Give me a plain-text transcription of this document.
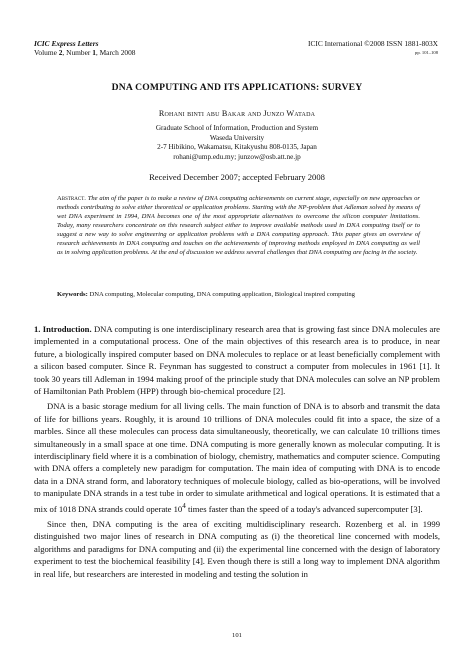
ICIC Express Letters
Volume 2, Number 1, March 2008
ICIC International ©2008 ISSN 1881-803X
pp. 101–108
DNA COMPUTING AND ITS APPLICATIONS: SURVEY
Rohani binti abu Bakar and Junzo Watada
Graduate School of Information, Production and System
Waseda University
2-7 Hibikino, Wakamatsu, Kitakyushu 808-0135, Japan
rohani@ump.edu.my; junzow@osb.att.ne.jp
Received December 2007; accepted February 2008
Abstract. The aim of the paper is to make a review of DNA computing achievements on current stage, especially on new approaches or methods contributing to solve either theoretical or application problems. Starting with the NP-problem that Adleman solved by means of wet DNA experiment in 1994, DNA becomes one of the most appropriate alternatives to overcome the silicon computer limitations. Today, many researchers concentrate on this research subject either to improve available methods used in DNA computing itself or to suggest a new way to solve engineering or application problems with a DNA computing approach. This paper gives an overview of research achievements in DNA computing and touches on the achievements of improving methods employed in DNA computing as well as in solving application problems. At the end of discussion we address several challenges that DNA computing are facing in the society.
Keywords: DNA computing, Molecular computing, DNA computing application, Biological inspired computing

1. Introduction. DNA computing is one interdisciplinary research area that is growing fast since DNA molecules are implemented in a computational process. One of the main objectives of this research area is to produce, in near future, a biologically inspired computer based on DNA molecules to replace or at least beneficially complement with a silicon based computer. Since R. Feynman has suggested to construct a computer from molecules in 1961 [1]. It took 30 years till Adleman in 1994 making proof of the principle study that DNA molecules can solve an NP problem of Hamiltonian Path Problem (HPP) through bio-chemical procedure [2].

DNA is a basic storage medium for all living cells. The main function of DNA is to absorb and transmit the data of life for billions years. Roughly, it is around 10 trillions of DNA molecules could fit into a space, the size of a marbles. Since all these molecules can process data simultaneously, theoretically, we can calculate 10 trillions times simultaneously in a small space at one time. DNA computing is more generally known as molecular computing. It is interdisciplinary field where it is a combination of biology, chemistry, mathematics and computer science. Computing with DNA offers a completely new paradigm for computation. The main idea of computing with DNA is to encode data in a DNA strand form, and laboratory techniques of molecule biology, called as bio-operations, will be involved to manipulate DNA strands in a test tube in order to simulate arithmetical and logical operations. It is estimated that a mix of 1018 DNA strands could operate $10^4$ times faster than the speed of a today's advanced supercomputer [3].

Since then, DNA computing is the area of exciting multidisciplinary research. Rozenberg et al. in 1999 distinguished two major lines of research in DNA computing as (i) the theoretical line concerned with models, algorithms and paradigms for DNA computing and (ii) the experimental line concerned with the design of laboratory experiment to test the biochemical feasibility [4]. Even though there is still a long way to implement DNA algorithm in real life, but researchers are interested in modeling and testing the solution in

101
